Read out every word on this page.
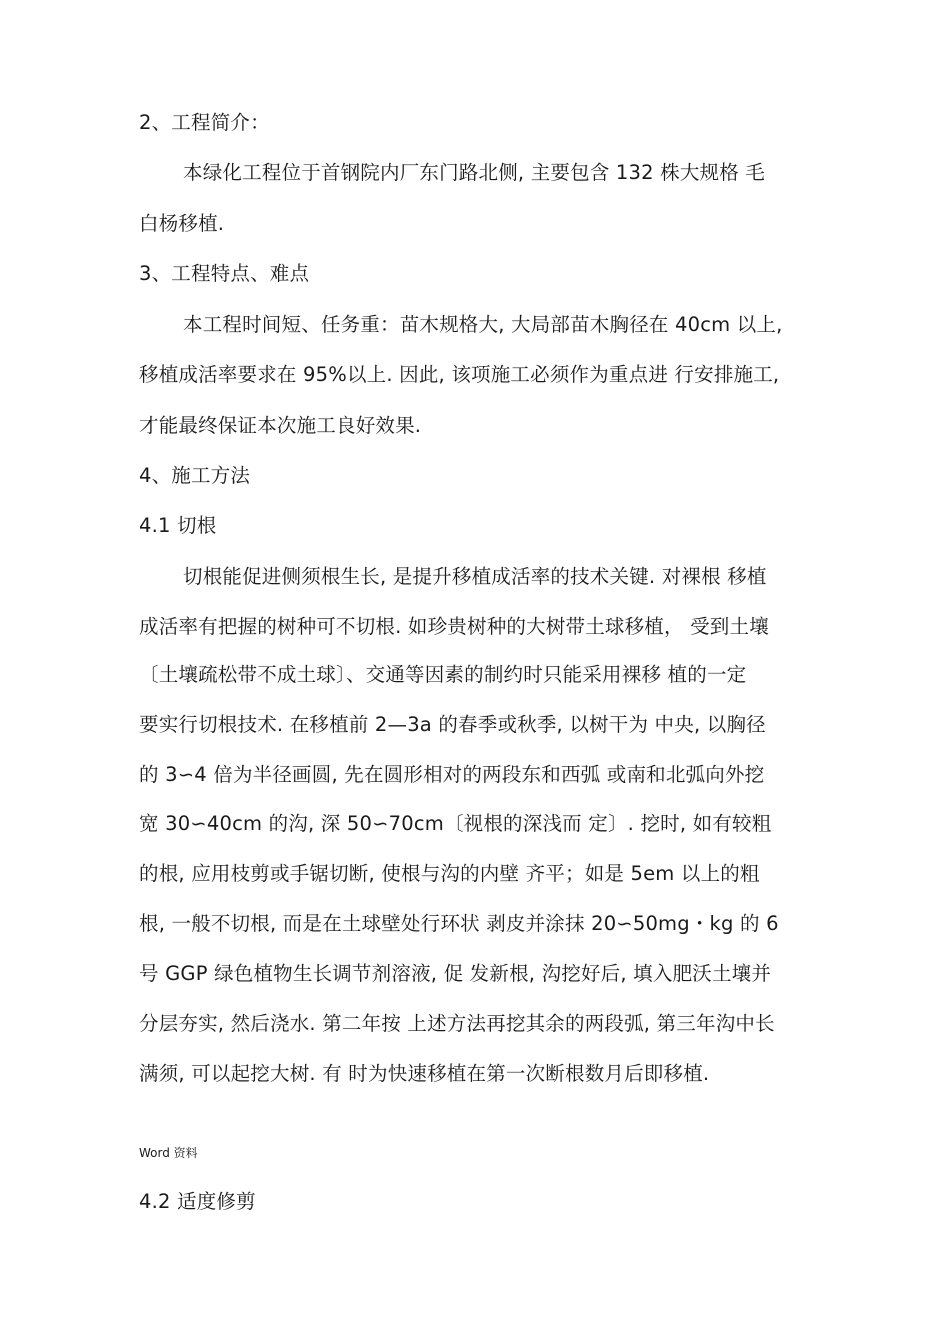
2、工程简介：
本绿化工程位于首钢院内厂东门路北侧, 主要包含 132 株大规格 毛
白杨移植.
3、工程特点、难点
本工程时间短、任务重：苗木规格大, 大局部苗木胸径在 40cm 以上,
移植成活率要求在 95%以上. 因此, 该项施工必须作为重点进 行安排施工,
才能最终保证本次施工良好效果.
4、施工方法
4.1 切根
切根能促进侧须根生长, 是提升移植成活率的技术关键. 对裸根 移植
成活率有把握的树种可不切根. 如珍贵树种的大树带土球移植， 受到土壤
〔土壤疏松带不成土球〕、交通等因素的制约时只能采用裸移 植的一定
要实行切根技术. 在移植前 2—3a 的春季或秋季, 以树干为 中央, 以胸径
的 3∽4 倍为半径画圆, 先在圆形相对的两段东和西弧 或南和北弧向外挖
宽 30∽40cm 的沟, 深 50∽70cm〔视根的深浅而 定〕. 挖时, 如有较粗
的根, 应用枝剪或手锯切断, 使根与沟的内壁 齐平；如是 5em 以上的粗
根, 一般不切根, 而是在土球壁处行环状 剥皮并涂抹 20∽50mg・kg 的 6
号 GGP 绿色植物生长调节剂溶液, 促 发新根, 沟挖好后, 填入肥沃土壤并
分层夯实, 然后浇水. 第二年按 上述方法再挖其余的两段弧, 第三年沟中长
满须, 可以起挖大树. 有 时为快速移植在第一次断根数月后即移植.
Word 资料
4.2 适度修剪
